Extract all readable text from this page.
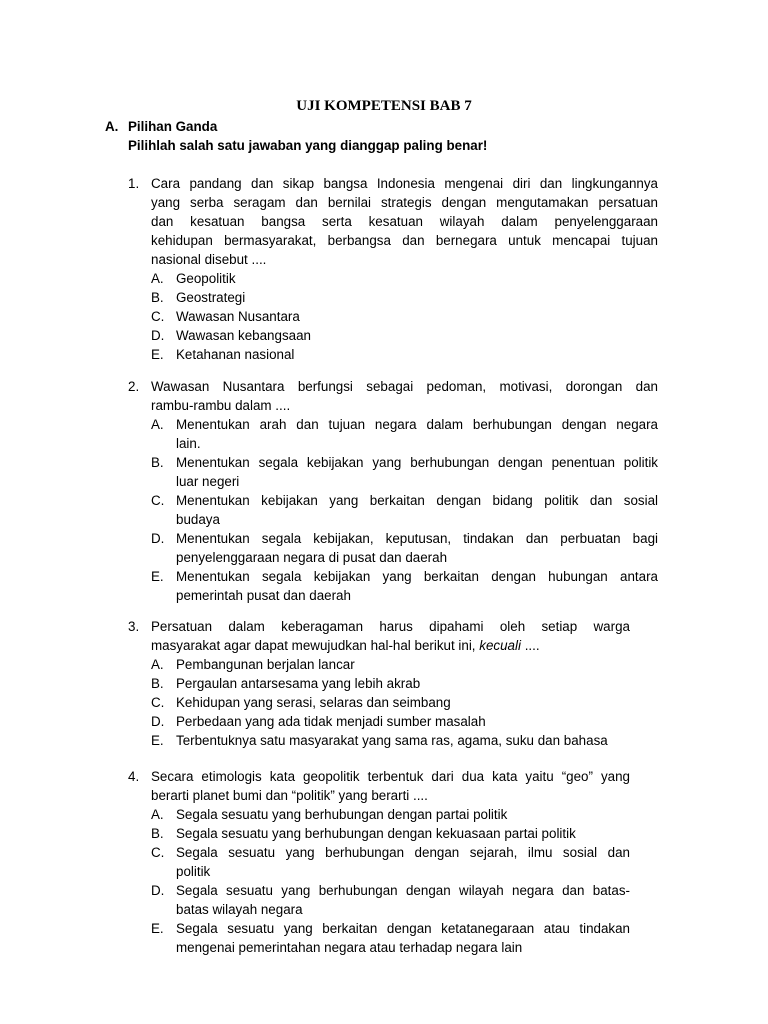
UJI KOMPETENSI BAB 7
A. Pilihan Ganda
Pilihlah salah satu jawaban yang dianggap paling benar!
1. Cara pandang dan sikap bangsa Indonesia mengenai diri dan lingkungannya
yang serba seragam dan bernilai strategis dengan mengutamakan persatuan
dan kesatuan bangsa serta kesatuan wilayah dalam penyelenggaraan
kehidupan bermasyarakat, berbangsa dan bernegara untuk mencapai tujuan
nasional disebut ....
A. Geopolitik
B. Geostrategi
C. Wawasan Nusantara
D. Wawasan kebangsaan
E. Ketahanan nasional
2. Wawasan Nusantara berfungsi sebagai pedoman, motivasi, dorongan dan
rambu-rambu dalam ....
A. Menentukan arah dan tujuan negara dalam berhubungan dengan negara
lain.
B. Menentukan segala kebijakan yang berhubungan dengan penentuan politik
luar negeri
C. Menentukan kebijakan yang berkaitan dengan bidang politik dan sosial
budaya
D. Menentukan segala kebijakan, keputusan, tindakan dan perbuatan bagi
penyelenggaraan negara di pusat dan daerah
E. Menentukan segala kebijakan yang berkaitan dengan hubungan antara
pemerintah pusat dan daerah
3. Persatuan dalam keberagaman harus dipahami oleh setiap warga
masyarakat agar dapat mewujudkan hal-hal berikut ini, kecuali ....
A. Pembangunan berjalan lancar
B. Pergaulan antarsesama yang lebih akrab
C. Kehidupan yang serasi, selaras dan seimbang
D. Perbedaan yang ada tidak menjadi sumber masalah
E. Terbentuknya satu masyarakat yang sama ras, agama, suku dan bahasa
4. Secara etimologis kata geopolitik terbentuk dari dua kata yaitu “geo” yang
berarti planet bumi dan “politik” yang berarti ....
A. Segala sesuatu yang berhubungan dengan partai politik
B. Segala sesuatu yang berhubungan dengan kekuasaan partai politik
C. Segala sesuatu yang berhubungan dengan sejarah, ilmu sosial dan
politik
D. Segala sesuatu yang berhubungan dengan wilayah negara dan batas-
batas wilayah negara
E. Segala sesuatu yang berkaitan dengan ketatanegaraan atau tindakan
mengenai pemerintahan negara atau terhadap negara lain
